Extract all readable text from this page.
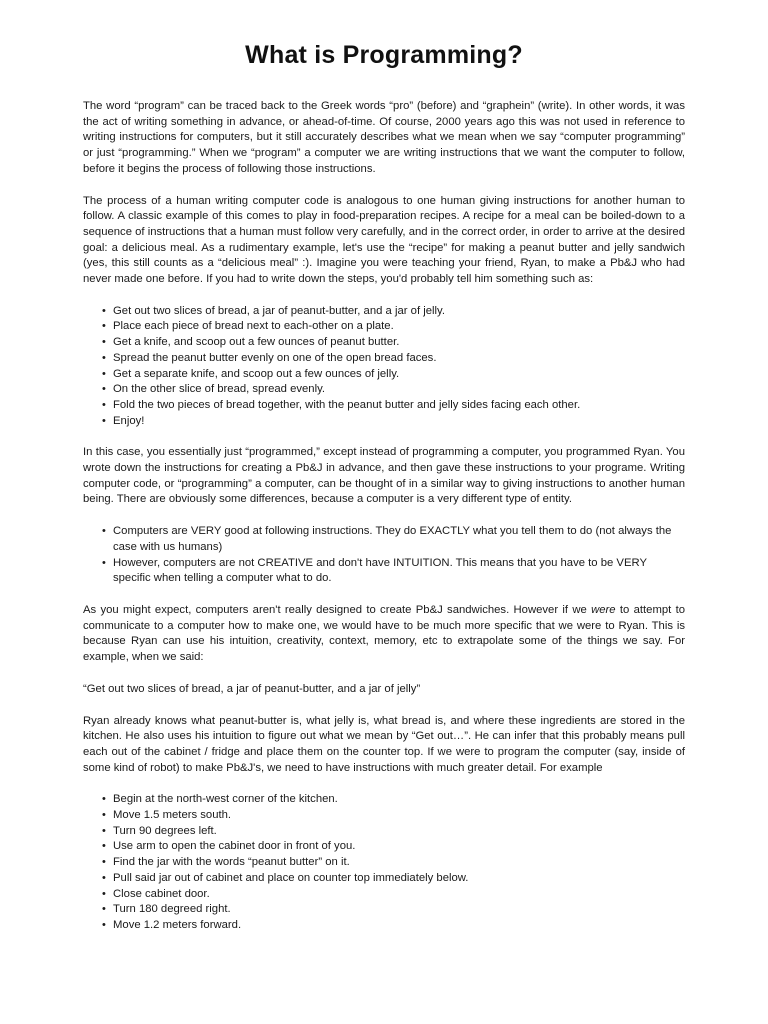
What is Programming?

The word “program” can be traced back to the Greek words “pro” (before) and “graphein” (write). In other words, it was the act of writing something in advance, or ahead-of-time. Of course, 2000 years ago this was not used in reference to writing instructions for computers, but it still accurately describes what we mean when we say “computer programming” or just “programming.” When we “program” a computer we are writing instructions that we want the computer to follow, before it begins the process of following those instructions.

The process of a human writing computer code is analogous to one human giving instructions for another human to follow. A classic example of this comes to play in food-preparation recipes. A recipe for a meal can be boiled-down to a sequence of instructions that a human must follow very carefully, and in the correct order, in order to arrive at the desired goal: a delicious meal. As a rudimentary example, let's use the “recipe” for making a peanut butter and jelly sandwich (yes, this still counts as a “delicious meal” :). Imagine you were teaching your friend, Ryan, to make a Pb&J who had never made one before. If you had to write down the steps, you'd probably tell him something such as:

• Get out two slices of bread, a jar of peanut-butter, and a jar of jelly.
• Place each piece of bread next to each-other on a plate.
• Get a knife, and scoop out a few ounces of peanut butter.
• Spread the peanut butter evenly on one of the open bread faces.
• Get a separate knife, and scoop out a few ounces of jelly.
• On the other slice of bread, spread evenly.
• Fold the two pieces of bread together, with the peanut butter and jelly sides facing each other.
• Enjoy!

In this case, you essentially just “programmed,” except instead of programming a computer, you programmed Ryan. You wrote down the instructions for creating a Pb&J in advance, and then gave these instructions to your programe. Writing computer code, or “programming” a computer, can be thought of in a similar way to giving instructions to another human being. There are obviously some differences, because a computer is a very different type of entity.

• Computers are VERY good at following instructions. They do EXACTLY what you tell them to do (not always the case with us humans)
• However, computers are not CREATIVE and don't have INTUITION. This means that you have to be VERY specific when telling a computer what to do.

As you might expect, computers aren't really designed to create Pb&J sandwiches. However if we were to attempt to communicate to a computer how to make one, we would have to be much more specific that we were to Ryan. This is because Ryan can use his intuition, creativity, context, memory, etc to extrapolate some of the things we say. For example, when we said:

“Get out two slices of bread, a jar of peanut-butter, and a jar of jelly”

Ryan already knows what peanut-butter is, what jelly is, what bread is, and where these ingredients are stored in the kitchen. He also uses his intuition to figure out what we mean by “Get out…”. He can infer that this probably means pull each out of the cabinet / fridge and place them on the counter top. If we were to program the computer (say, inside of some kind of robot) to make Pb&J's, we need to have instructions with much greater detail. For example

• Begin at the north-west corner of the kitchen.
• Move 1.5 meters south.
• Turn 90 degrees left.
• Use arm to open the cabinet door in front of you.
• Find the jar with the words “peanut butter” on it.
• Pull said jar out of cabinet and place on counter top immediately below.
• Close cabinet door.
• Turn 180 degreed right.
• Move 1.2 meters forward.
